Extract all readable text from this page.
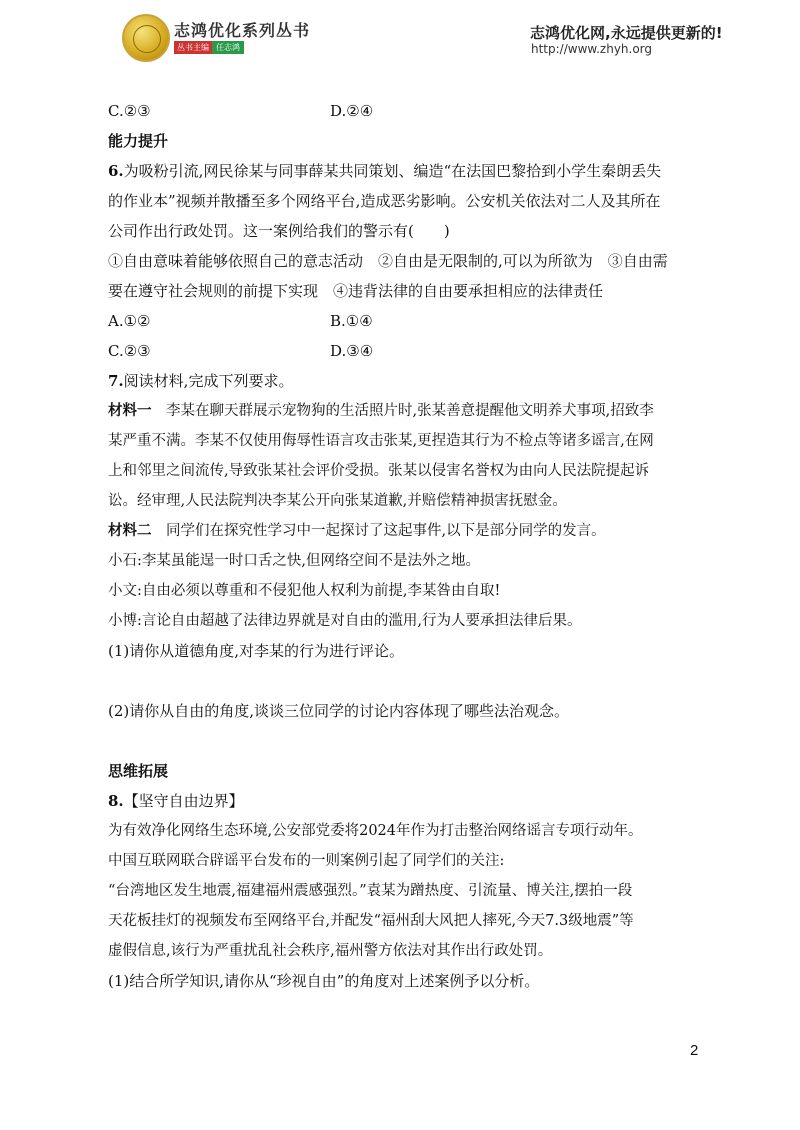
志鸿优化系列丛书
丛书主编 任志鸿
志鸿优化网,永远提供更新的!
http://www.zhyh.org
C.②③	D.②④
能力提升
6.为吸粉引流,网民徐某与同事薛某共同策划、编造“在法国巴黎拾到小学生秦朗丢失
的作业本”视频并散播至多个网络平台,造成恶劣影响。公安机关依法对二人及其所在
公司作出行政处罚。这一案例给我们的警示有(　　)
①自由意味着能够依照自己的意志活动　②自由是无限制的,可以为所欲为　③自由需
要在遵守社会规则的前提下实现　④违背法律的自由要承担相应的法律责任
A.①②	B.①④
C.②③	D.③④
7.阅读材料,完成下列要求。
材料一　李某在聊天群展示宠物狗的生活照片时,张某善意提醒他文明养犬事项,招致李
某严重不满。李某不仅使用侮辱性语言攻击张某,更捏造其行为不检点等诸多谣言,在网
上和邻里之间流传,导致张某社会评价受损。张某以侵害名誉权为由向人民法院提起诉
讼。经审理,人民法院判决李某公开向张某道歉,并赔偿精神损害抚慰金。
材料二　同学们在探究性学习中一起探讨了这起事件,以下是部分同学的发言。
小石:李某虽能逞一时口舌之快,但网络空间不是法外之地。
小文:自由必须以尊重和不侵犯他人权利为前提,李某咎由自取!
小博:言论自由超越了法律边界就是对自由的滥用,行为人要承担法律后果。
(1)请你从道德角度,对李某的行为进行评论。
(2)请你从自由的角度,谈谈三位同学的讨论内容体现了哪些法治观念。
思维拓展
8.【坚守自由边界】
为有效净化网络生态环境,公安部党委将2024年作为打击整治网络谣言专项行动年。
中国互联网联合辟谣平台发布的一则案例引起了同学们的关注:
“台湾地区发生地震,福建福州震感强烈。”袁某为蹭热度、引流量、博关注,摆拍一段
天花板挂灯的视频发布至网络平台,并配发“福州刮大风把人摔死,今天7.3级地震”等
虚假信息,该行为严重扰乱社会秩序,福州警方依法对其作出行政处罚。
(1)结合所学知识,请你从“珍视自由”的角度对上述案例予以分析。
2
